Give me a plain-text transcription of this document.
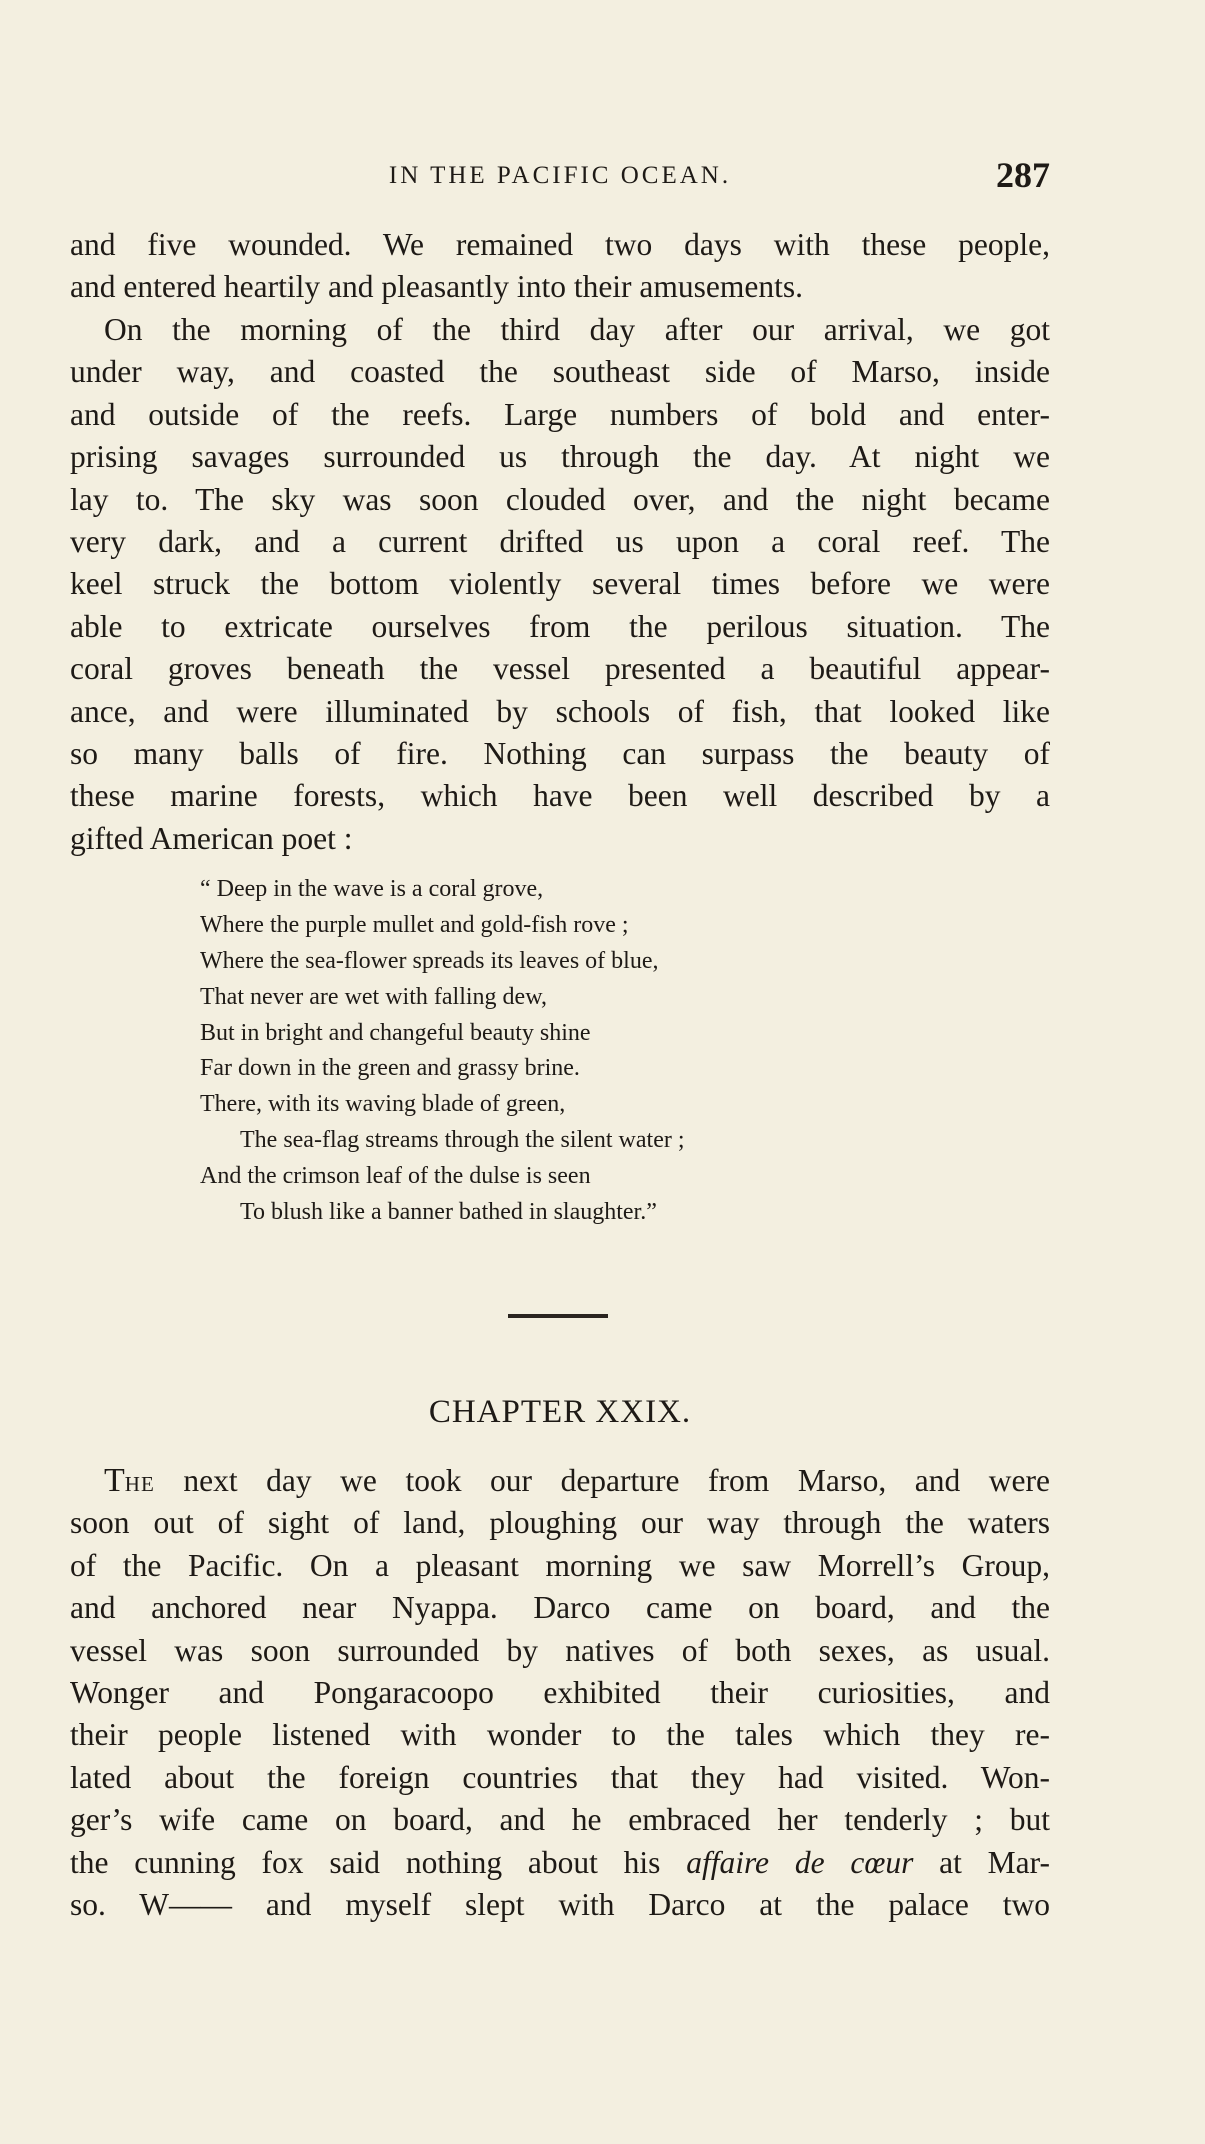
IN THE PACIFIC OCEAN.	287
and five wounded. We remained two days with these people,
and entered heartily and pleasantly into their amusements.
On the morning of the third day after our arrival, we got
under way, and coasted the southeast side of Marso, inside
and outside of the reefs. Large numbers of bold and enter-
prising savages surrounded us through the day. At night we
lay to. The sky was soon clouded over, and the night became
very dark, and a current drifted us upon a coral reef. The
keel struck the bottom violently several times before we were
able to extricate ourselves from the perilous situation. The
coral groves beneath the vessel presented a beautiful appear-
ance, and were illuminated by schools of fish, that looked like
so many balls of fire. Nothing can surpass the beauty of
these marine forests, which have been well described by a
gifted American poet :
“ Deep in the wave is a coral grove,
Where the purple mullet and gold-fish rove ;
Where the sea-flower spreads its leaves of blue,
That never are wet with falling dew,
But in bright and changeful beauty shine
Far down in the green and grassy brine.
There, with its waving blade of green,
The sea-flag streams through the silent water ;
And the crimson leaf of the dulse is seen
To blush like a banner bathed in slaughter.”
CHAPTER XXIX.
THE next day we took our departure from Marso, and were
soon out of sight of land, ploughing our way through the waters
of the Pacific. On a pleasant morning we saw Morrell’s Group,
and anchored near Nyappa. Darco came on board, and the
vessel was soon surrounded by natives of both sexes, as usual.
Wonger and Pongaracoopo exhibited their curiosities, and
their people listened with wonder to the tales which they re-
lated about the foreign countries that they had visited. Won-
ger’s wife came on board, and he embraced her tenderly ; but
the cunning fox said nothing about his affaire de cœur at Mar-
so. W—— and myself slept with Darco at the palace two
